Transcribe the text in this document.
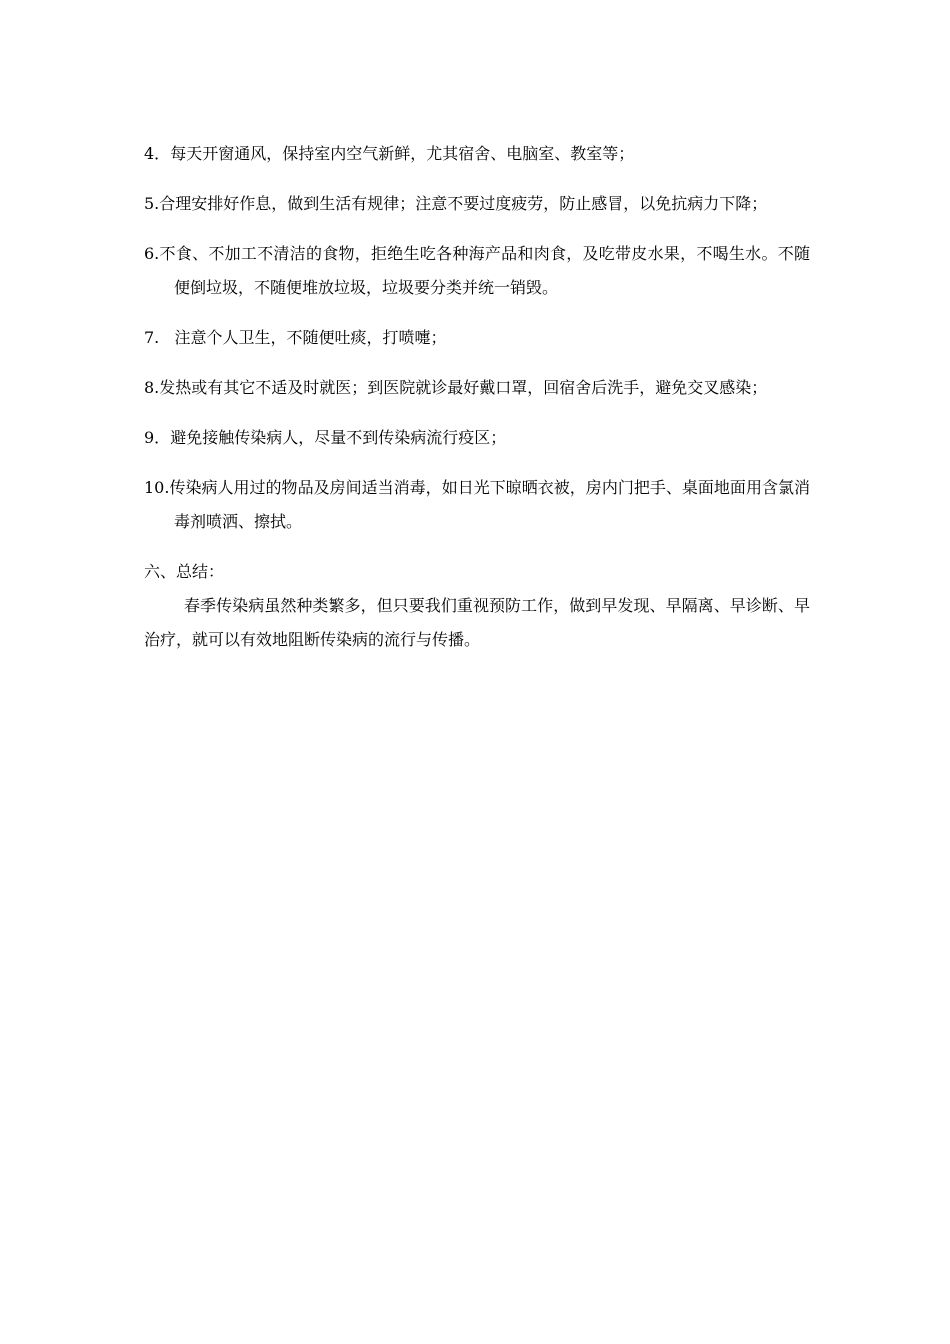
4．每天开窗通风，保持室内空气新鲜，尤其宿舍、电脑室、教室等；

5.合理安排好作息，做到生活有规律；注意不要过度疲劳，防止感冒，以免抗病力下降；

6.不食、不加工不清洁的食物，拒绝生吃各种海产品和肉食，及吃带皮水果，不喝生水。不随便倒垃圾，不随便堆放垃圾，垃圾要分类并统一销毁。

7.   注意个人卫生，不随便吐痰，打喷嚏；

8.发热或有其它不适及时就医；到医院就诊最好戴口罩，回宿舍后洗手，避免交叉感染；

9．避免接触传染病人，尽量不到传染病流行疫区；

10.传染病人用过的物品及房间适当消毒，如日光下晾晒衣被，房内门把手、桌面地面用含氯消毒剂喷洒、擦拭。

六、总结：

春季传染病虽然种类繁多，但只要我们重视预防工作，做到早发现、早隔离、早诊断、早治疗，就可以有效地阻断传染病的流行与传播。
